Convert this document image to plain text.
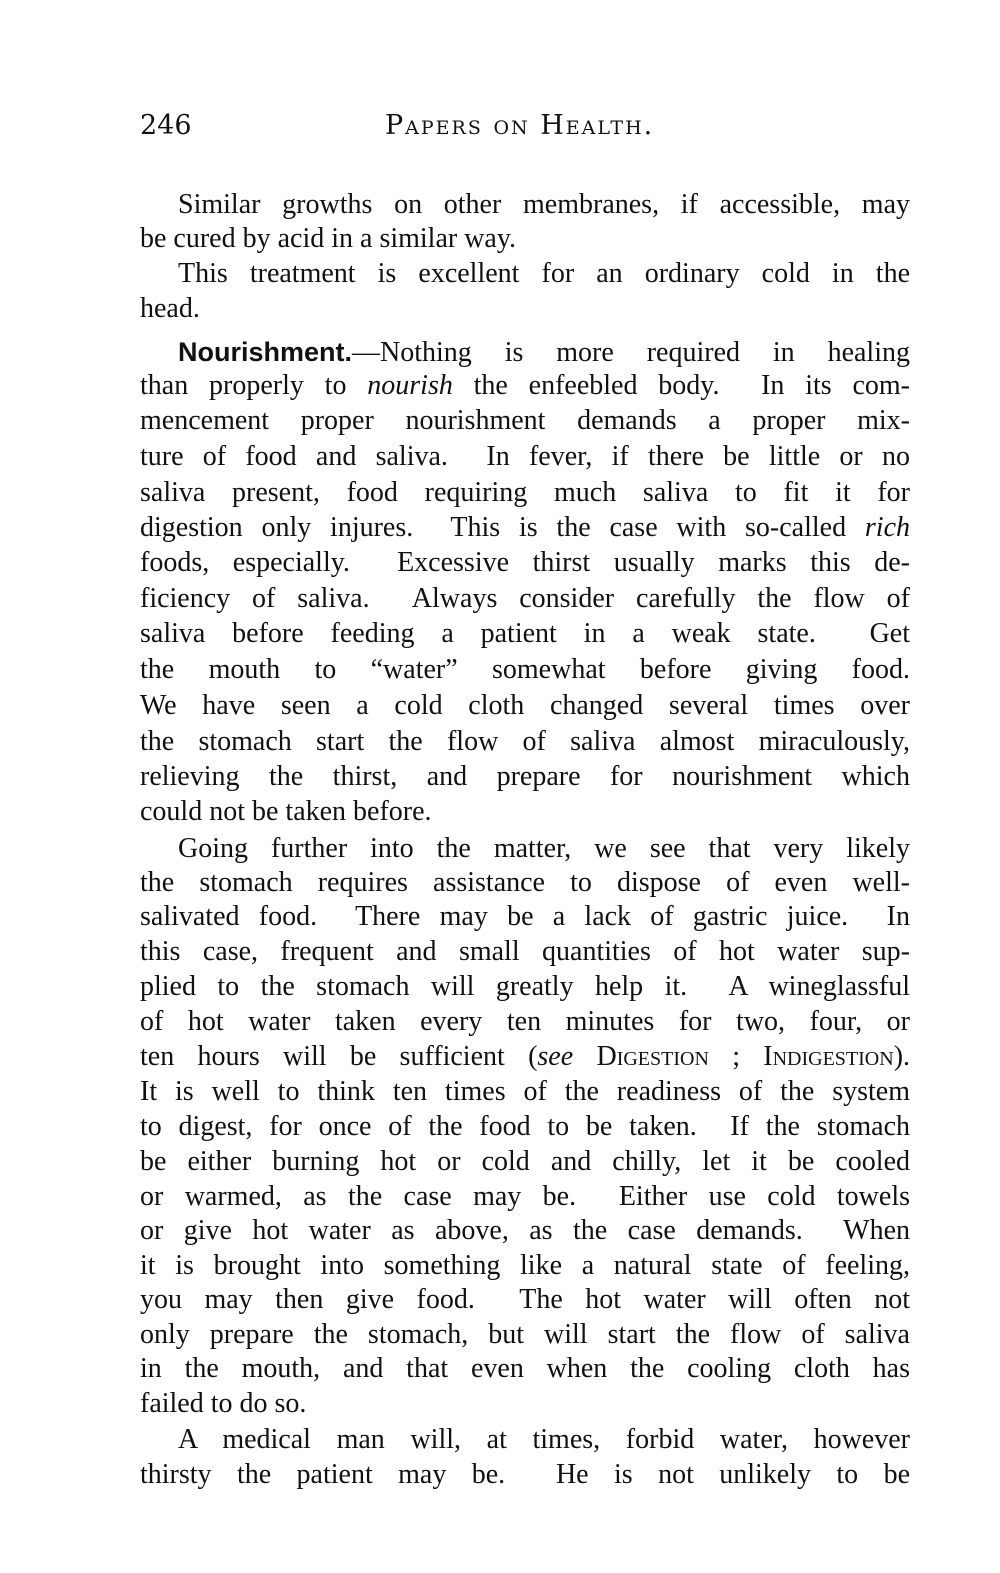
246	Papers on Health.
Similar growths on other membranes, if accessible, may
be cured by acid in a similar way.
This treatment is excellent for an ordinary cold in the
head.
Nourishment.—Nothing is more required in healing
than properly to nourish the enfeebled body.  In its com-
mencement proper nourishment demands a proper mix-
ture of food and saliva.  In fever, if there be little or no
saliva present, food requiring much saliva to fit it for
digestion only injures.  This is the case with so-called rich
foods, especially.  Excessive thirst usually marks this de-
ficiency of saliva.  Always consider carefully the flow of
saliva before feeding a patient in a weak state.  Get
the mouth to “water” somewhat before giving food.
We have seen a cold cloth changed several times over
the stomach start the flow of saliva almost miraculously,
relieving the thirst, and prepare for nourishment which
could not be taken before.
Going further into the matter, we see that very likely
the stomach requires assistance to dispose of even well-
salivated food.  There may be a lack of gastric juice.  In
this case, frequent and small quantities of hot water sup-
plied to the stomach will greatly help it.  A wineglassful
of hot water taken every ten minutes for two, four, or
ten hours will be sufficient (see Digestion ; Indigestion).
It is well to think ten times of the readiness of the system
to digest, for once of the food to be taken.  If the stomach
be either burning hot or cold and chilly, let it be cooled
or warmed, as the case may be.  Either use cold towels
or give hot water as above, as the case demands.  When
it is brought into something like a natural state of feeling,
you may then give food.  The hot water will often not
only prepare the stomach, but will start the flow of saliva
in the mouth, and that even when the cooling cloth has
failed to do so.
A medical man will, at times, forbid water, however
thirsty the patient may be.  He is not unlikely to be
